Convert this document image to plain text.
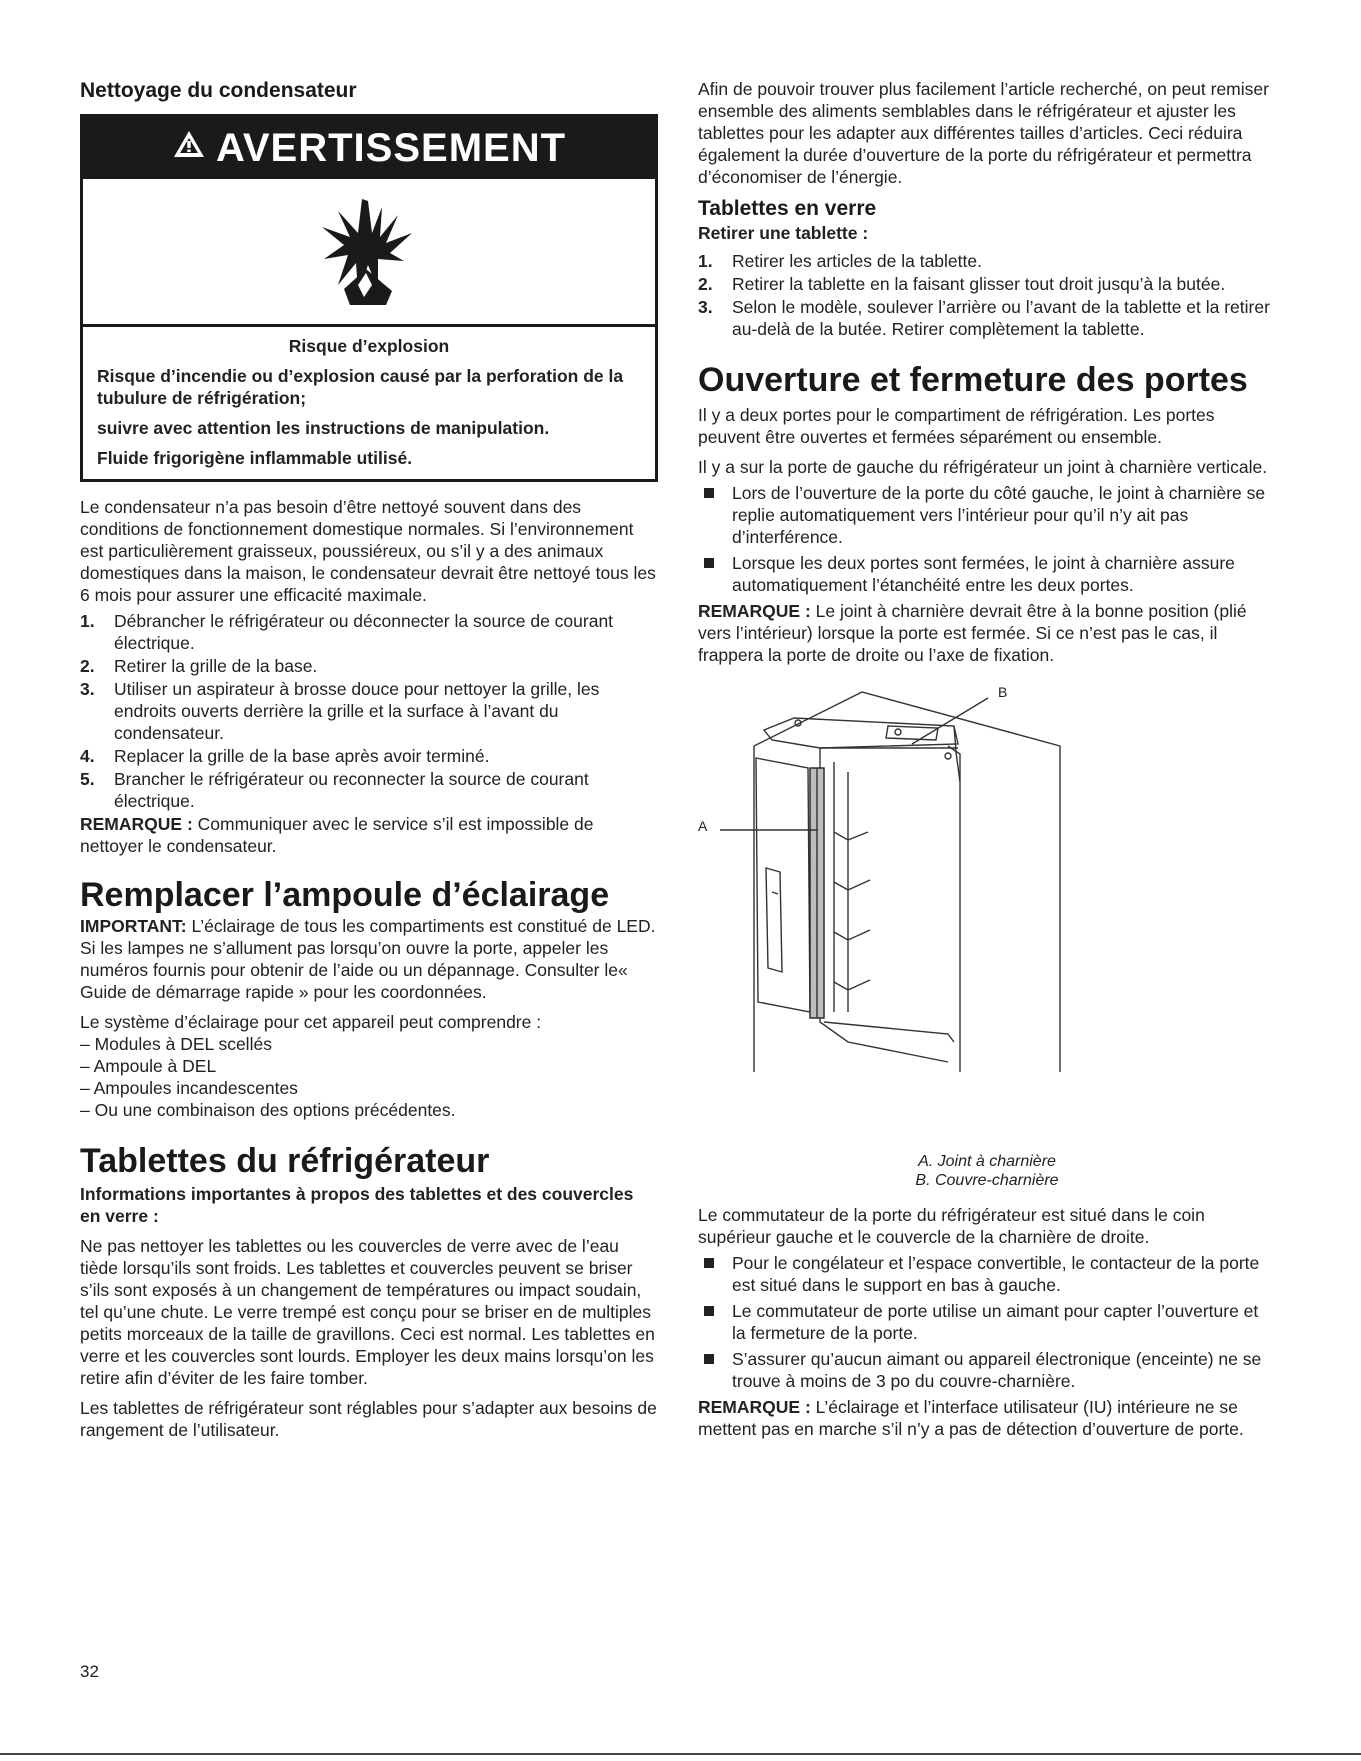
Nettoyage du condensateur
AVERTISSEMENT

Risque d’explosion

Risque d’incendie ou d’explosion causé par la perforation de la tubulure de réfrigération;

suivre avec attention les instructions de manipulation.

Fluide frigorigène inflammable utilisé.

Le condensateur n’a pas besoin d’être nettoyé souvent dans des conditions de fonctionnement domestique normales. Si l’environnement est particulièrement graisseux, poussiéreux, ou s’il y a des animaux domestiques dans la maison, le condensateur devrait être nettoyé tous les 6 mois pour assurer une efficacité maximale.

1. Débrancher le réfrigérateur ou déconnecter la source de courant électrique.
2. Retirer la grille de la base.
3. Utiliser un aspirateur à brosse douce pour nettoyer la grille, les endroits ouverts derrière la grille et la surface à l’avant du condensateur.
4. Replacer la grille de la base après avoir terminé.
5. Brancher le réfrigérateur ou reconnecter la source de courant électrique.

REMARQUE : Communiquer avec le service s’il est impossible de nettoyer le condensateur.

Remplacer l’ampoule d’éclairage

IMPORTANT: L’éclairage de tous les compartiments est constitué de LED. Si les lampes ne s’allument pas lorsqu’on ouvre la porte, appeler les numéros fournis pour obtenir de l’aide ou un dépannage. Consulter le« Guide de démarrage rapide » pour les coordonnées.

Le système d’éclairage pour cet appareil peut comprendre :

– Modules à DEL scellés

– Ampoule à DEL

– Ampoules incandescentes

– Ou une combinaison des options précédentes.

Tablettes du réfrigérateur

Informations importantes à propos des tablettes et des couvercles en verre :

Ne pas nettoyer les tablettes ou les couvercles de verre avec de l’eau tiède lorsqu’ils sont froids. Les tablettes et couvercles peuvent se briser s’ils sont exposés à un changement de températures ou impact soudain, tel qu’une chute. Le verre trempé est conçu pour se briser en de multiples petits morceaux de la taille de gravillons. Ceci est normal. Les tablettes en verre et les couvercles sont lourds. Employer les deux mains lorsqu’on les retire afin d’éviter de les faire tomber.

Les tablettes de réfrigérateur sont réglables pour s’adapter aux besoins de rangement de l’utilisateur.

Afin de pouvoir trouver plus facilement l’article recherché, on peut remiser ensemble des aliments semblables dans le réfrigérateur et ajuster les tablettes pour les adapter aux différentes tailles d’articles. Ceci réduira également la durée d’ouverture de la porte du réfrigérateur et permettra d’économiser de l’énergie.

Tablettes en verre

Retirer une tablette :

1. Retirer les articles de la tablette.
2. Retirer la tablette en la faisant glisser tout droit jusqu’à la butée.
3. Selon le modèle, soulever l’arrière ou l’avant de la tablette et la retirer au-delà de la butée. Retirer complètement la tablette.
Ouverture et fermeture des portes

Il y a deux portes pour le compartiment de réfrigération. Les portes peuvent être ouvertes et fermées séparément ou ensemble.

Il y a sur la porte de gauche du réfrigérateur un joint à charnière verticale.

Lors de l’ouverture de la porte du côté gauche, le joint à charnière se replie automatiquement vers l’intérieur pour qu’il n’y ait pas d’interférence.
Lorsque les deux portes sont fermées, le joint à charnière assure automatiquement l’étanchéité entre les deux portes.

REMARQUE : Le joint à charnière devrait être à la bonne position (plié vers l’intérieur) lorsque la porte est fermée. Si ce n’est pas le cas, il frappera la porte de droite ou l’axe de fixation.

A
B

A. Joint à charnière

B. Couvre-charnière

Le commutateur de la porte du réfrigérateur est situé dans le coin supérieur gauche et le couvercle de la charnière de droite.

Pour le congélateur et l’espace convertible, le contacteur de la porte est situé dans le support en bas à gauche.
Le commutateur de porte utilise un aimant pour capter l’ouverture et la fermeture de la porte.
S’assurer qu’aucun aimant ou appareil électronique (enceinte) ne se trouve à moins de 3 po du couvre-charnière.

REMARQUE : L’éclairage et l’interface utilisateur (IU) intérieure ne se mettent pas en marche s’il n’y a pas de détection d’ouverture de porte.

32
